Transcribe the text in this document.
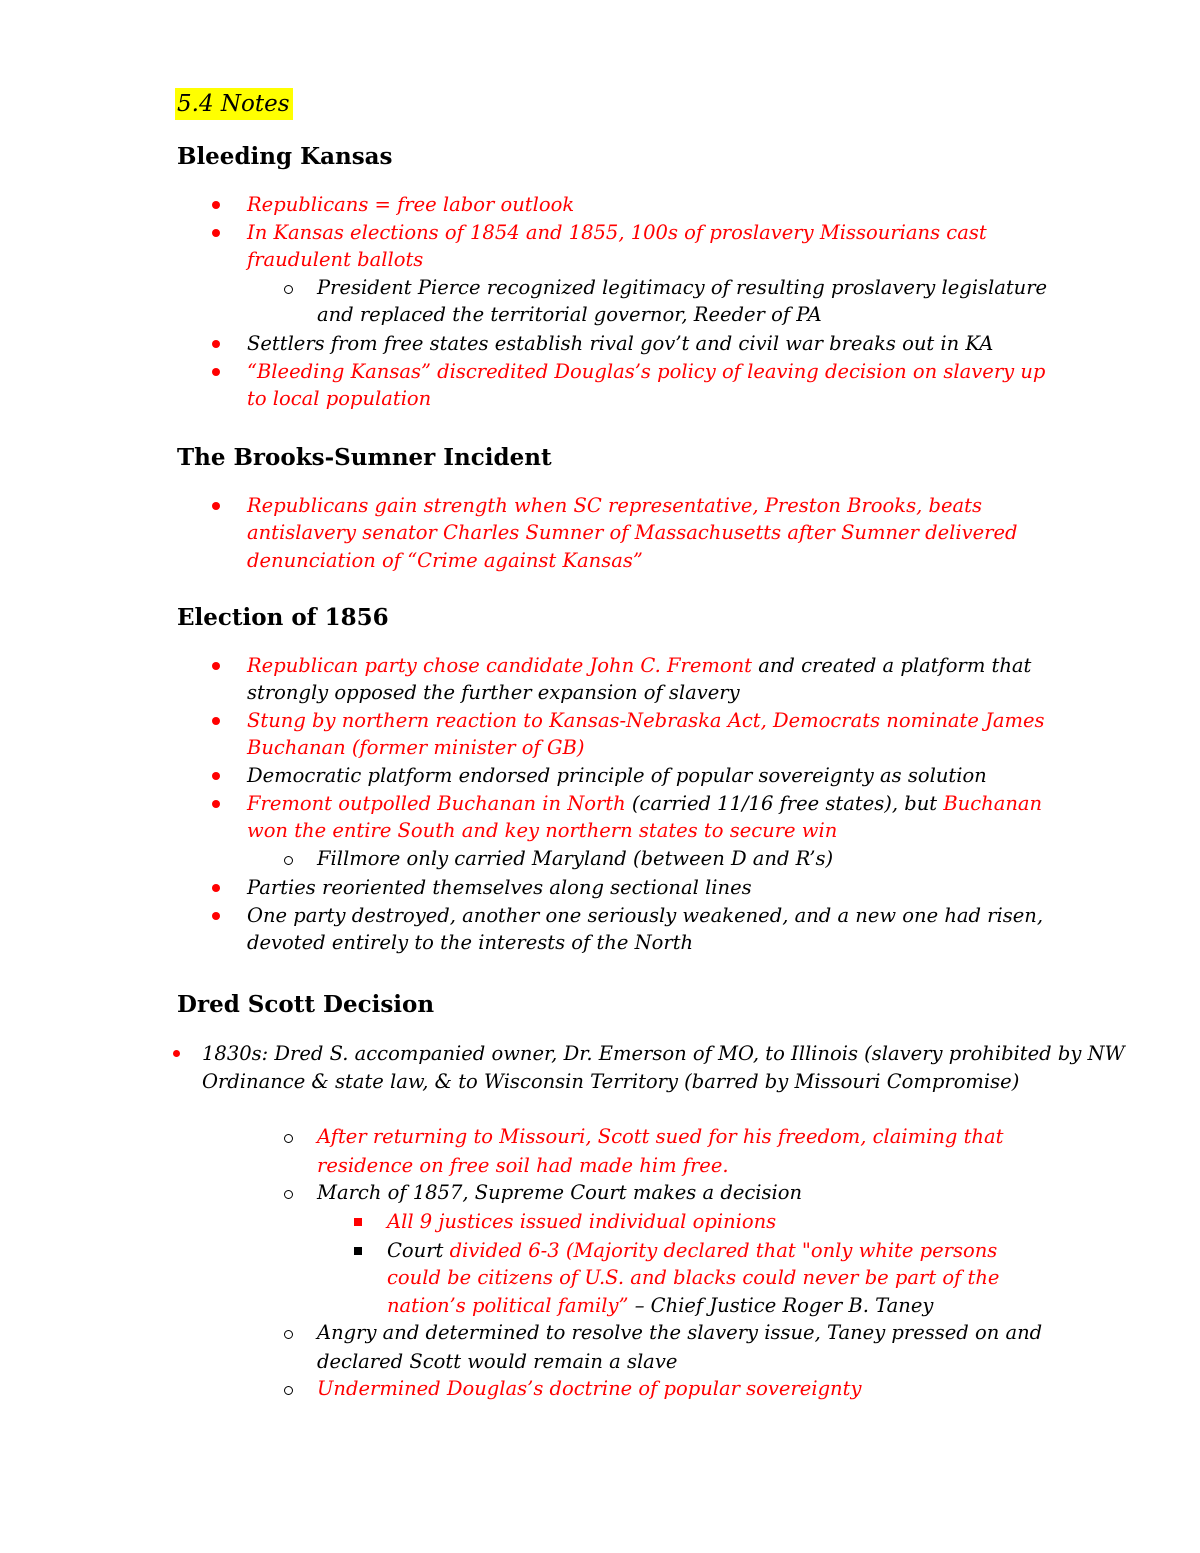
5.4 Notes
Bleeding Kansas
Republicans = free labor outlook
In Kansas elections of 1854 and 1855, 100s of proslavery Missourians cast
fraudulent ballots
President Pierce recognized legitimacy of resulting proslavery legislature
and replaced the territorial governor, Reeder of PA
Settlers from free states establish rival gov’t and civil war breaks out in KA
“Bleeding Kansas” discredited Douglas’s policy of leaving decision on slavery up
to local population
The Brooks-Sumner Incident
Republicans gain strength when SC representative, Preston Brooks, beats
antislavery senator Charles Sumner of Massachusetts after Sumner delivered
denunciation of “Crime against Kansas”
Election of 1856
Republican party chose candidate John C. Fremont and created a platform that
strongly opposed the further expansion of slavery
Stung by northern reaction to Kansas-Nebraska Act, Democrats nominate James
Buchanan (former minister of GB)
Democratic platform endorsed principle of popular sovereignty as solution
Fremont outpolled Buchanan in North (carried 11/16 free states), but Buchanan
won the entire South and key northern states to secure win
Fillmore only carried Maryland (between D and R’s)
Parties reoriented themselves along sectional lines
One party destroyed, another one seriously weakened, and a new one had risen,
devoted entirely to the interests of the North
Dred Scott Decision
1830s: Dred S. accompanied owner, Dr. Emerson of MO, to Illinois (slavery prohibited by NW
Ordinance & state law, & to Wisconsin Territory (barred by Missouri Compromise)
After returning to Missouri, Scott sued for his freedom, claiming that
residence on free soil had made him free.
March of 1857, Supreme Court makes a decision
All 9 justices issued individual opinions
Court divided 6-3 (Majority declared that "only white persons
could be citizens of U.S. and blacks could never be part of the
nation’s political family” – Chief Justice Roger B. Taney
Angry and determined to resolve the slavery issue, Taney pressed on and
declared Scott would remain a slave
Undermined Douglas’s doctrine of popular sovereignty
